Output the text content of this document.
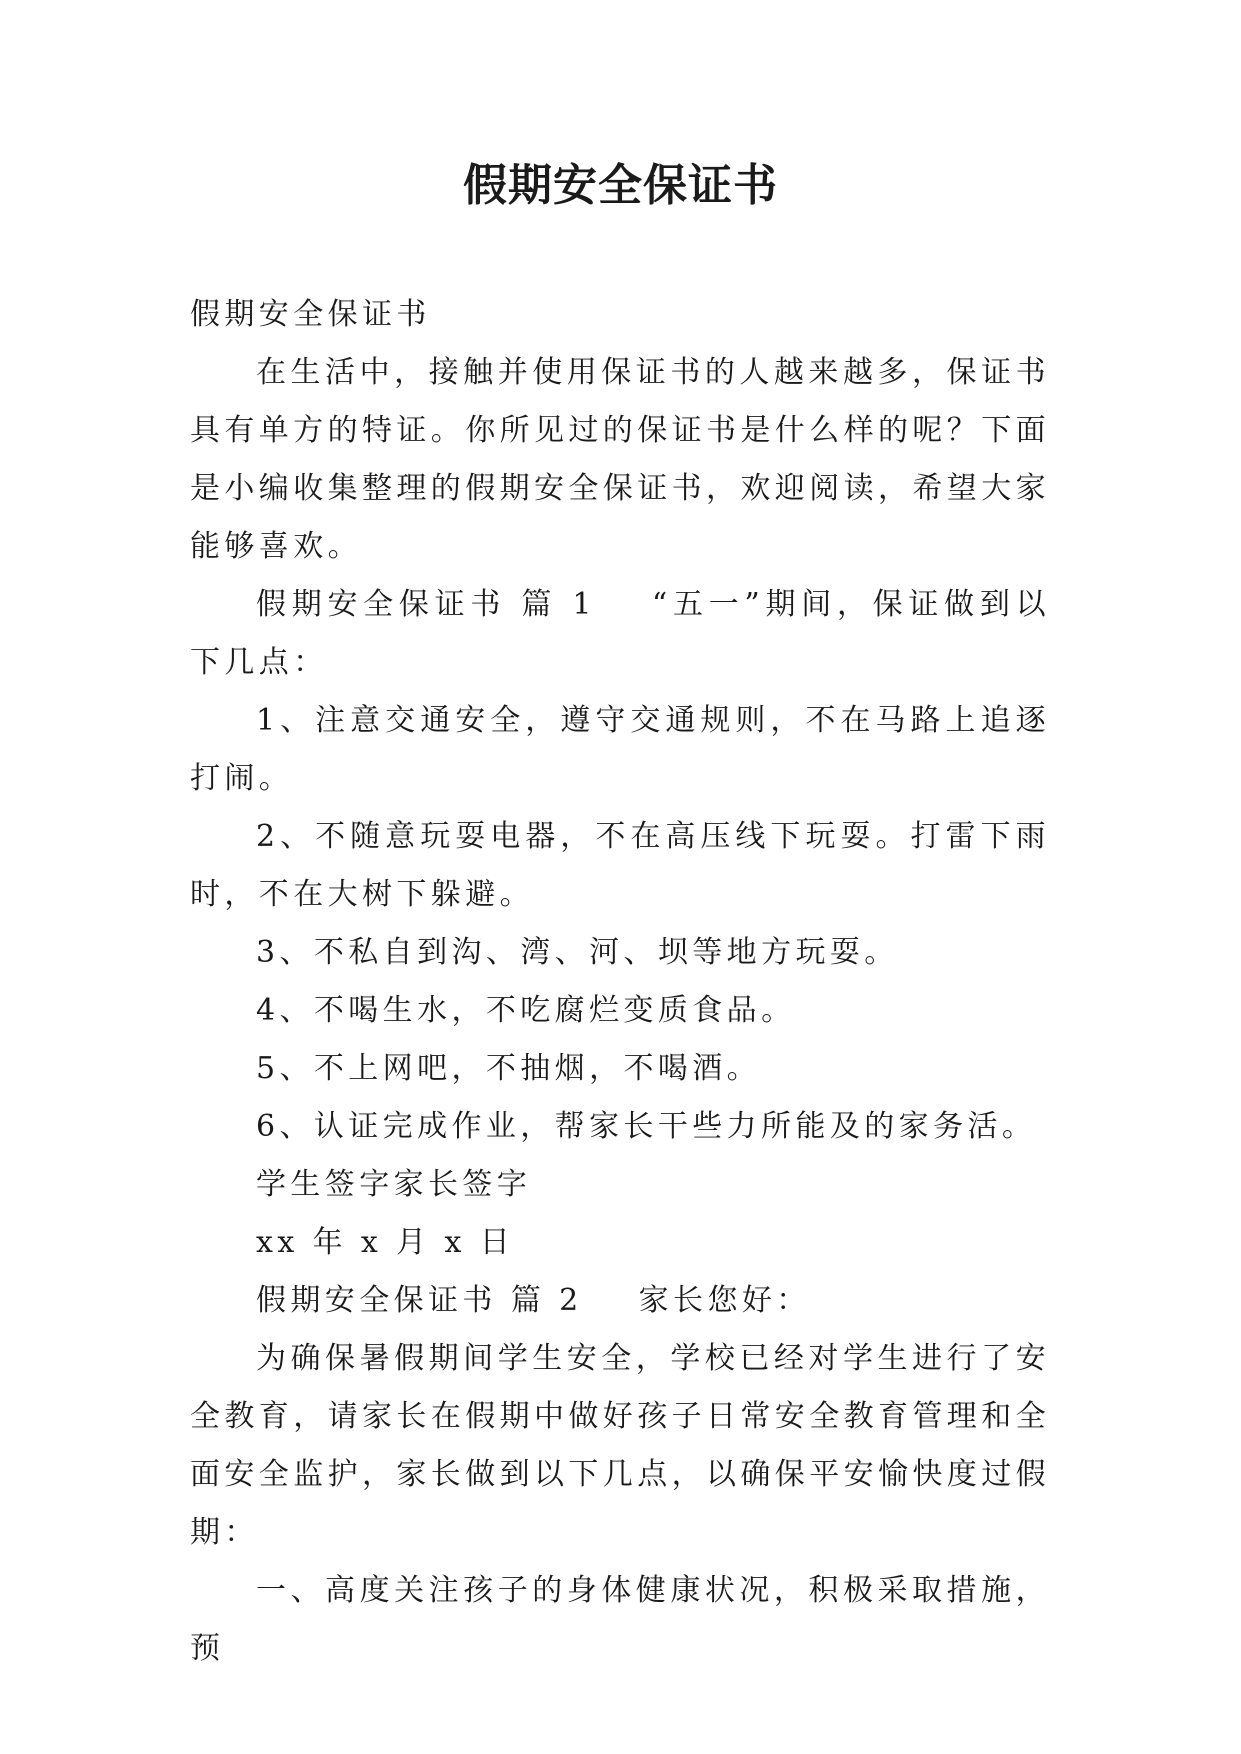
假期安全保证书

假期安全保证书

在生活中，接触并使用保证书的人越来越多，保证书具有单方的特证。你所见过的保证书是什么样的呢？下面是小编收集整理的假期安全保证书，欢迎阅读，希望大家能够喜欢。

假期安全保证书 篇 1 “五一”期间，保证做到以下几点：

1、注意交通安全，遵守交通规则，不在马路上追逐打闹。

2、不随意玩耍电器，不在高压线下玩耍。打雷下雨时，不在大树下躲避。

3、不私自到沟、湾、河、坝等地方玩耍。

4、不喝生水，不吃腐烂变质食品。

5、不上网吧，不抽烟，不喝酒。

6、认证完成作业，帮家长干些力所能及的家务活。

学生签字家长签字

xx 年 x 月 x 日

假期安全保证书 篇 2 家长您好：

为确保暑假期间学生安全，学校已经对学生进行了安全教育，请家长在假期中做好孩子日常安全教育管理和全面安全监护，家长做到以下几点，以确保平安愉快度过假期：

一、高度关注孩子的身体健康状况，积极采取措施，预
